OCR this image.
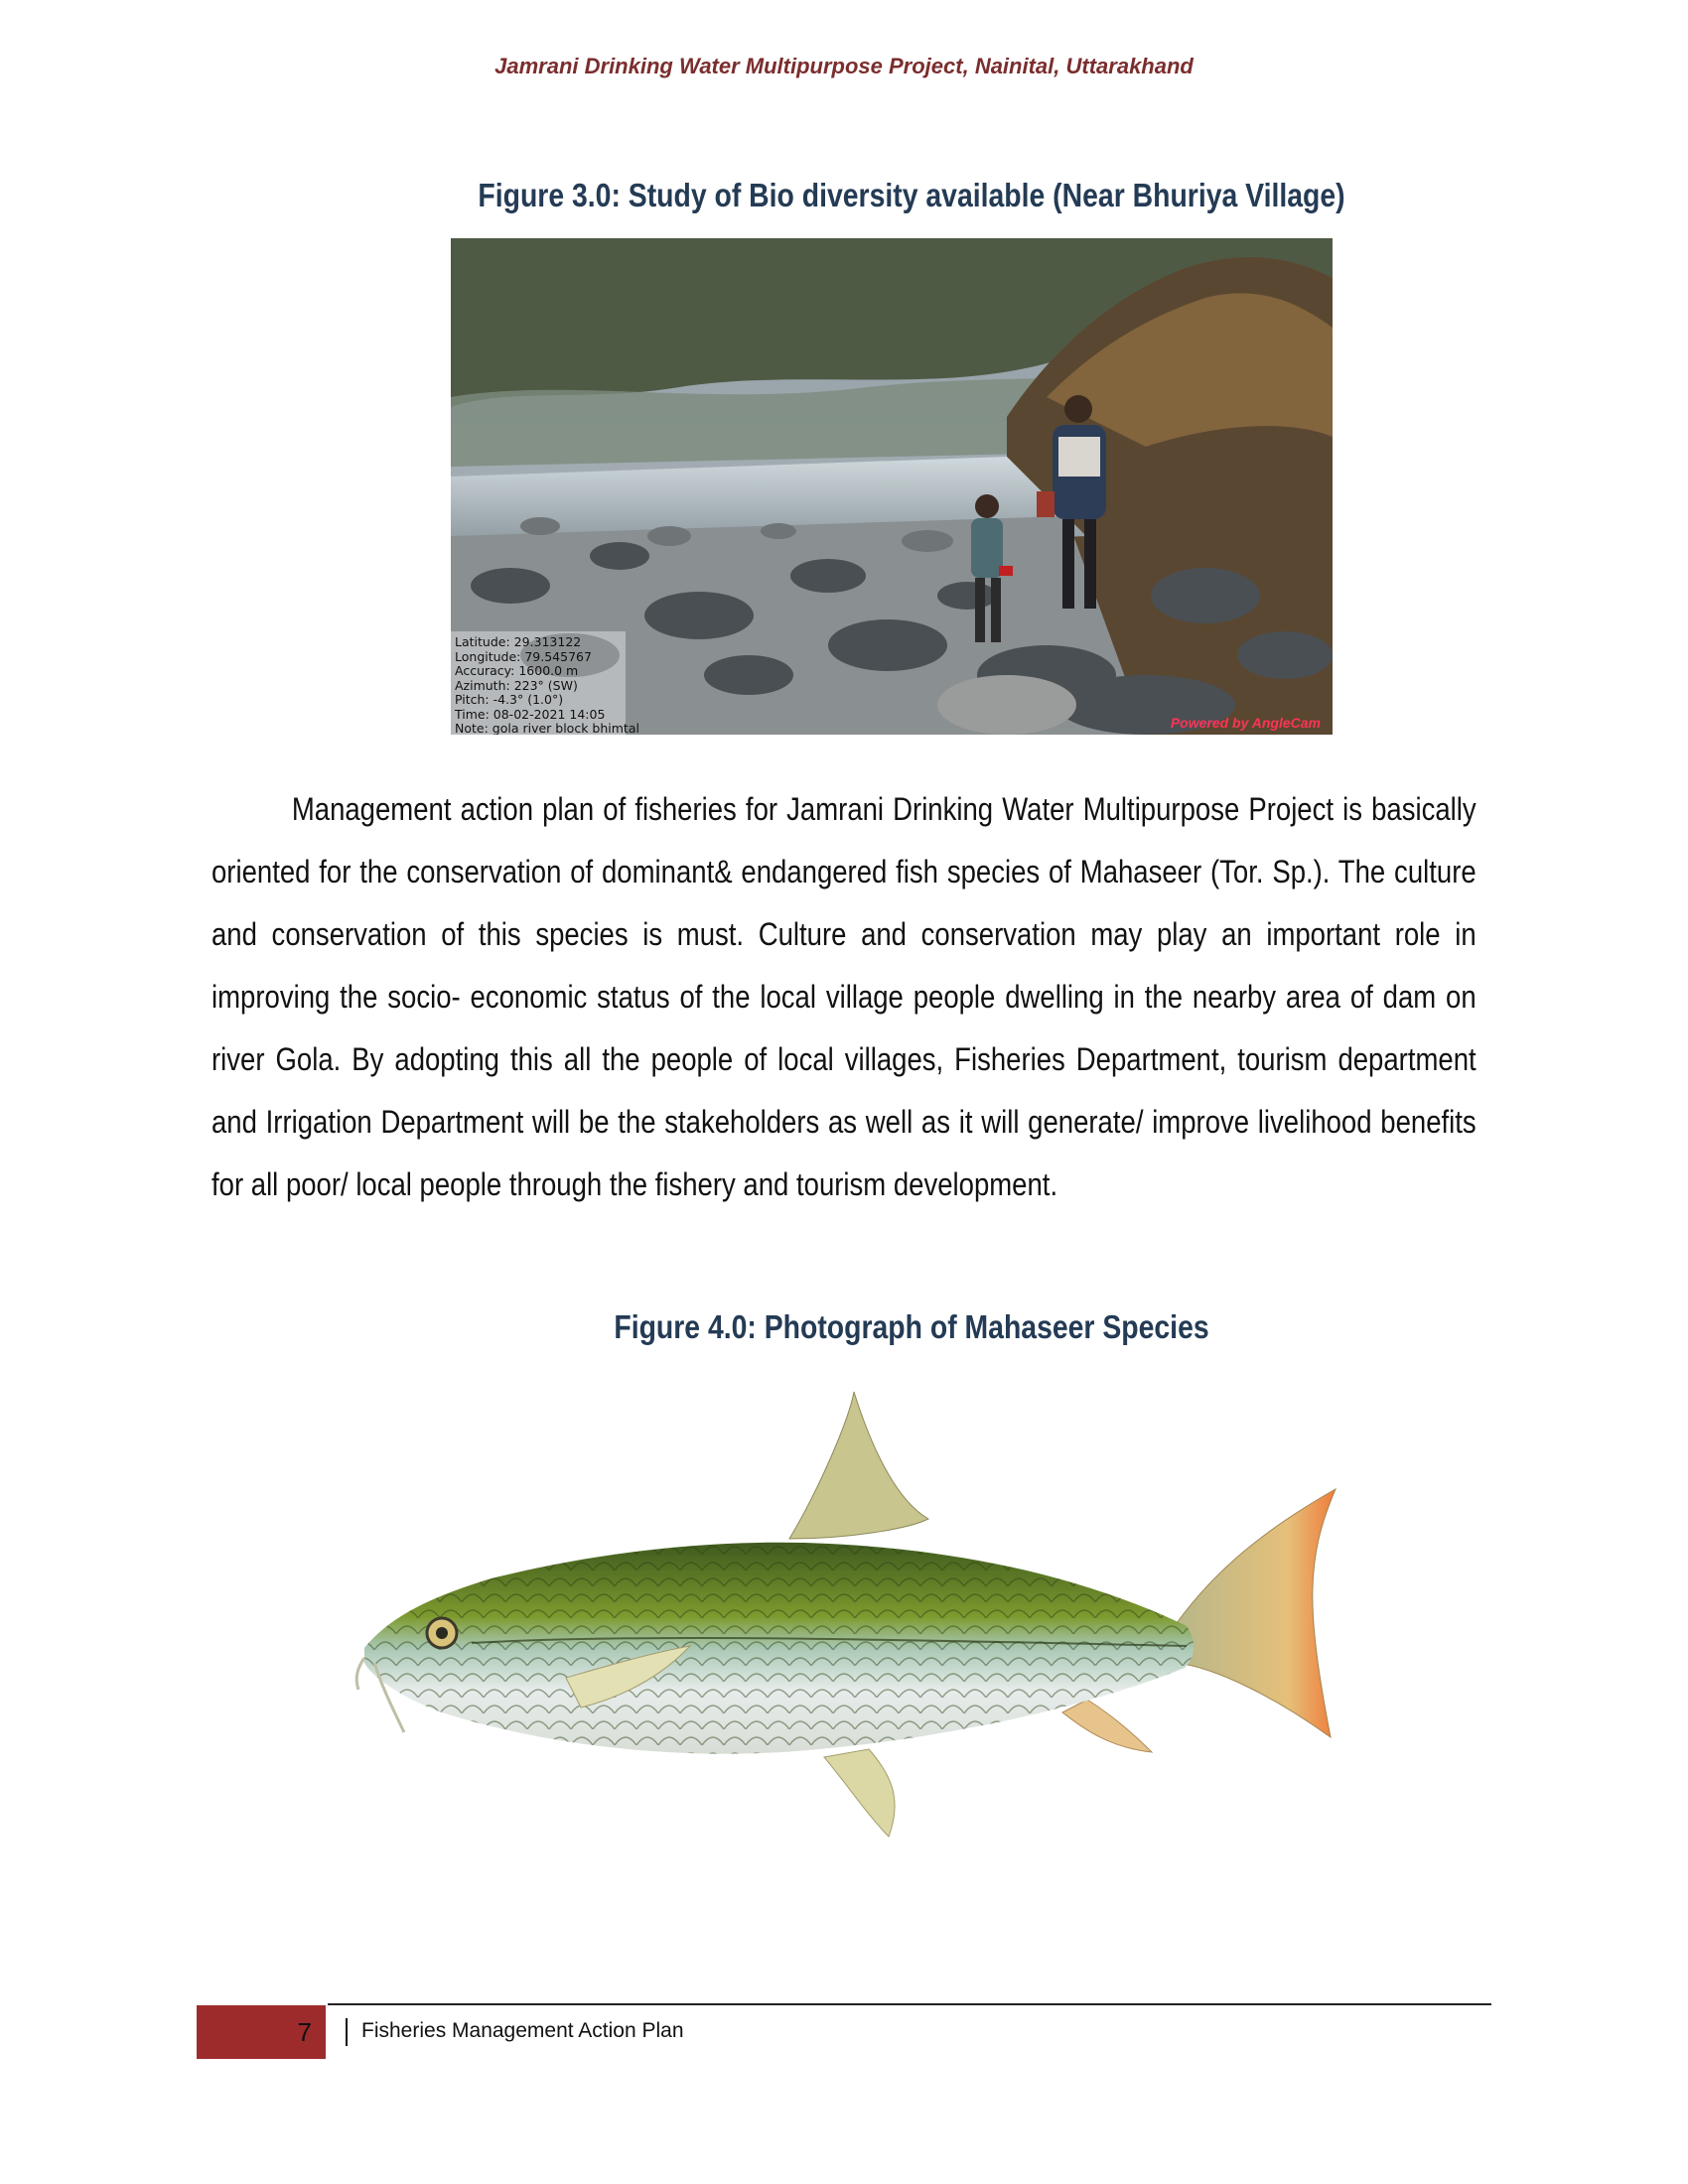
Jamrani Drinking Water Multipurpose Project, Nainital, Uttarakhand
Figure 3.0: Study of Bio diversity available (Near Bhuriya Village)
Latitude: 29.313122
Longitude: 79.545767
Accuracy: 1600.0 m
Azimuth: 223° (SW)
Pitch: -4.3° (1.0°)
Time: 08-02-2021 14:05
Note: gola river block bhimtal	Powered by AngleCam

Management action plan of fisheries for Jamrani Drinking Water Multipurpose Project is basically oriented for the conservation of dominant& endangered fish species of Mahaseer (Tor. Sp.). The culture and conservation of this species is must. Culture and conservation may play an important role in improving the socio- economic status of the local village people dwelling in the nearby area of dam on river Gola. By adopting this all the people of local villages, Fisheries Department, tourism department and Irrigation Department will be the stakeholders as well as it will generate/ improve livelihood benefits for all poor/ local people through the fishery and tourism development.

Figure 4.0: Photograph of Mahaseer Species
7	Fisheries Management Action Plan
